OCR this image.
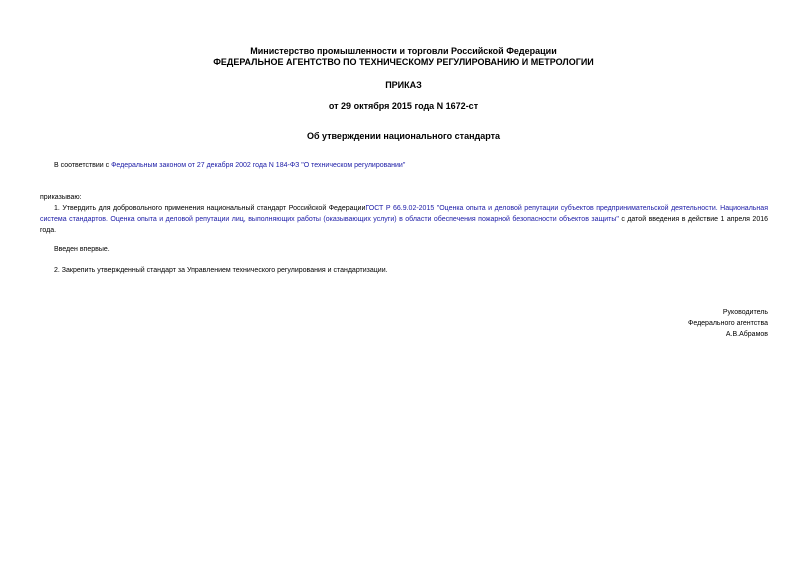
Министерство промышленности и торговли Российской Федерации
ФЕДЕРАЛЬНОЕ АГЕНТСТВО ПО ТЕХНИЧЕСКОМУ РЕГУЛИРОВАНИЮ И МЕТРОЛОГИИ
ПРИКАЗ
от 29 октября 2015 года N 1672-ст
Об утверждении национального стандарта
В соответствии с Федеральным законом от 27 декабря 2002 года N 184-ФЗ "О техническом регулировании"
приказываю:
1. Утвердить для добровольного применения национальный стандарт Российской ФедерацииГОСТ Р 66.9.02-2015 "Оценка опыта и деловой репутации субъектов предпринимательской деятельности. Национальная система стандартов. Оценка опыта и деловой репутации лиц, выполняющих работы (оказывающих услуги) в области обеспечения пожарной безопасности объектов защиты" с датой введения в действие 1 апреля 2016 года.
Введен впервые.
2. Закрепить утвержденный стандарт за Управлением технического регулирования и стандартизации.
Руководитель
Федерального агентства
А.В.Абрамов
